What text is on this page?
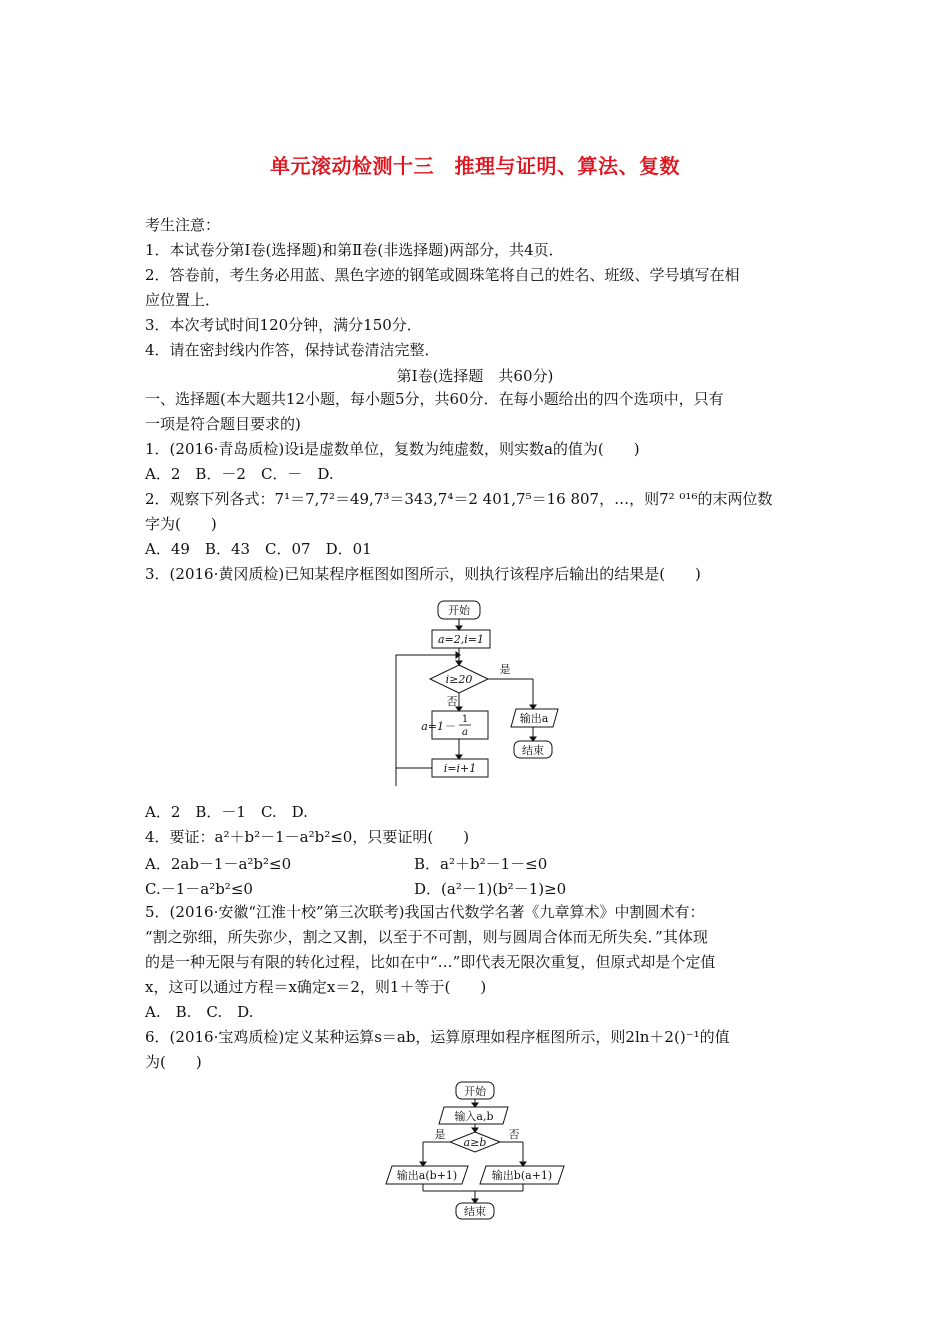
单元滚动检测十三　推理与证明、算法、复数
考生注意：
1．本试卷分第Ⅰ卷(选择题)和第Ⅱ卷(非选择题)两部分，共4页．
2．答卷前，考生务必用蓝、黑色字迹的钢笔或圆珠笔将自己的姓名、班级、学号填写在相
应位置上．
3．本次考试时间120分钟，满分150分．
4．请在密封线内作答，保持试卷清洁完整．
第Ⅰ卷(选择题　共60分)
一、选择题(本大题共12小题，每小题5分，共60分．在每小题给出的四个选项中，只有
一项是符合题目要求的)
1．(2016·青岛质检)设i是虚数单位，复数为纯虚数，则实数a的值为(　　)
A．2　B．－2　C．－　D.
2．观察下列各式：7¹＝7,7²＝49,7³＝343,7⁴＝2 401,7⁵＝16 807，…，则7² ⁰¹⁶的末两位数
字为(　　)
A．49　B．43　C．07　D．01
3．(2016·黄冈质检)已知某程序框图如图所示，则执行该程序后输出的结果是(　　)
开始
a=2,i=1
i≥20
是
否
输出a
结束
a=1－
1
a
i=i+1
A．2　B．－1　C.　D.
4．要证：a²＋b²－1－a²b²≤0，只要证明(　　)
A．2ab－1－a²b²≤0	B．a²＋b²－1－≤0
C.－1－a²b²≤0	D．(a²－1)(b²－1)≥0
5．(2016·安徽“江淮十校”第三次联考)我国古代数学名著《九章算术》中割圆术有：
“割之弥细，所失弥少，割之又割，以至于不可割，则与圆周合体而无所失矣．”其体现
的是一种无限与有限的转化过程，比如在中“…”即代表无限次重复，但原式却是个定值
x，这可以通过方程＝x确定x＝2，则1＋等于(　　)
A.　B.　C.　D.
6．(2016·宝鸡质检)定义某种运算s＝ab，运算原理如程序框图所示，则2ln＋2()⁻¹的值
为(　　)
开始
输入a,b
a≥b
是	否
输出a(b+1)	输出b(a+1)
结束
